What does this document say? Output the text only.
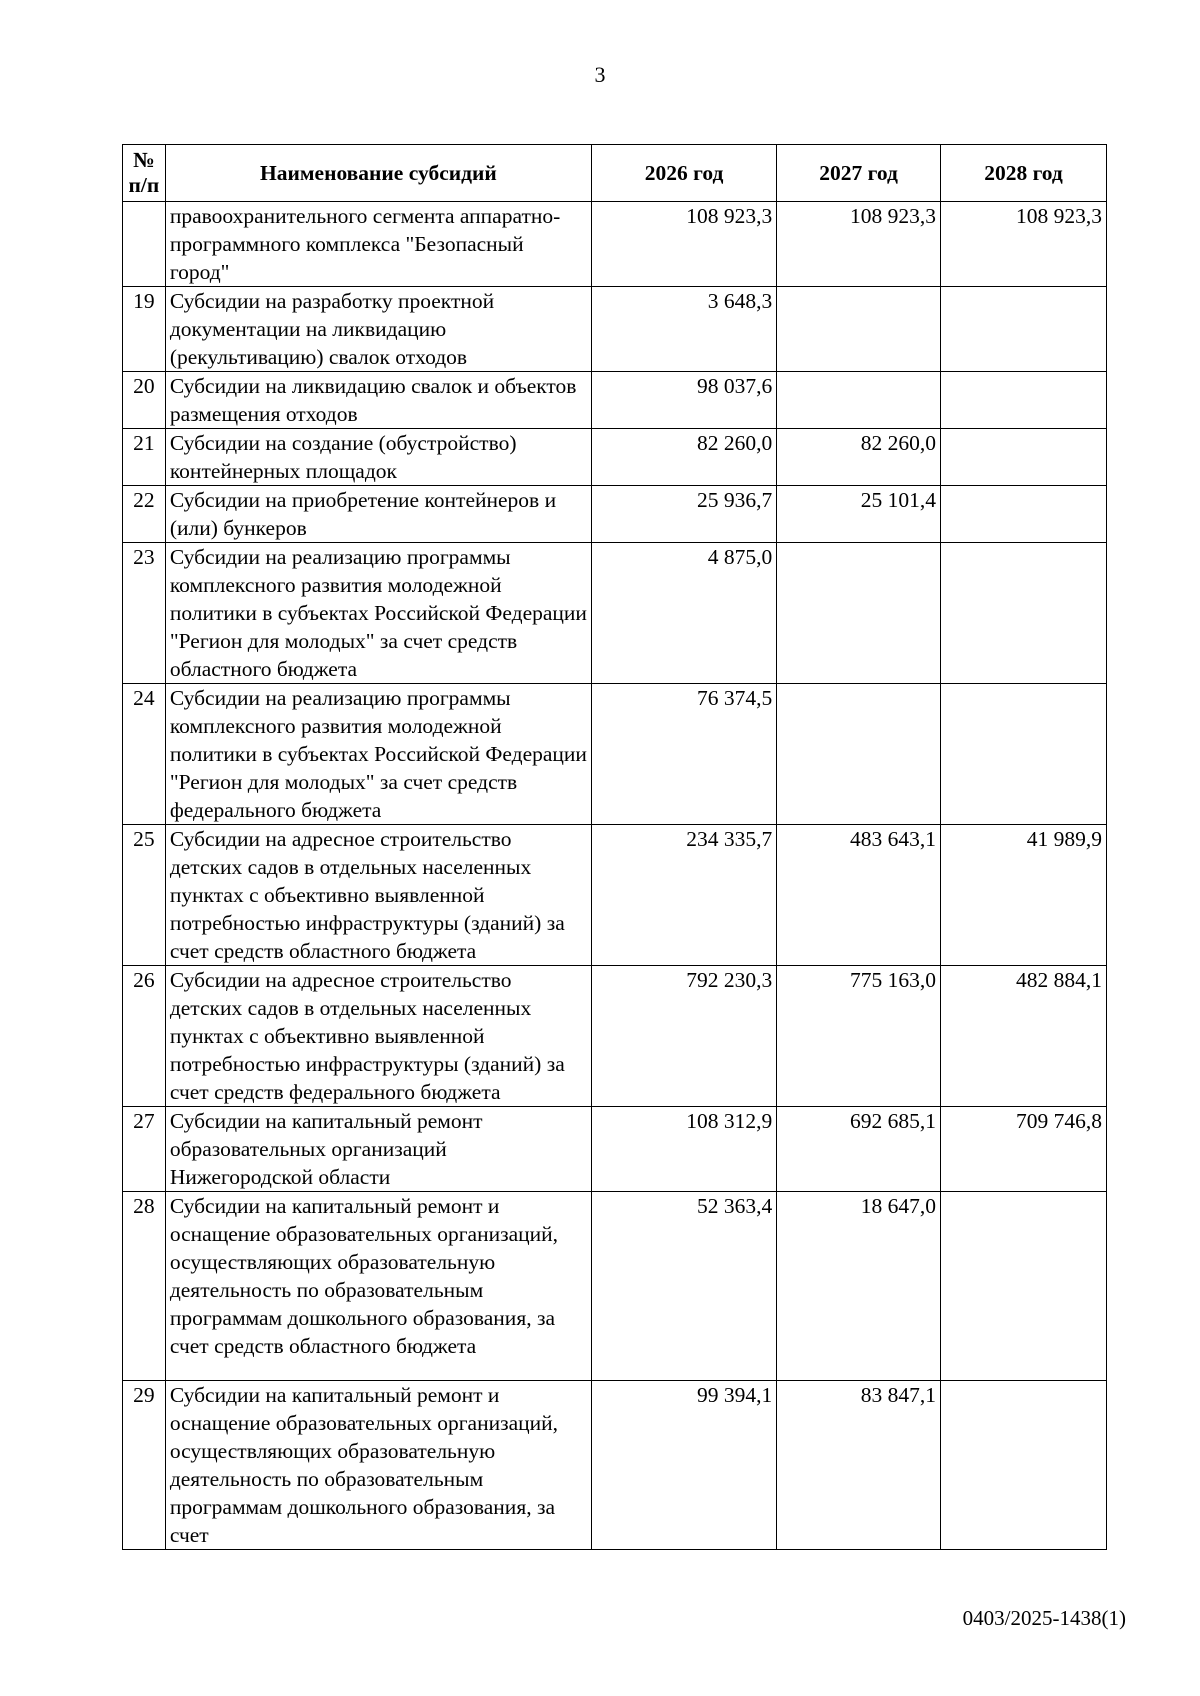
3
№
п/п	Наименование субсидий	2026 год	2027 год	2028 год
	правоохранительного сегмента аппаратно-программного комплекса "Безопасный город"	108 923,3	108 923,3	108 923,3
19	Субсидии на разработку проектной документации на ликвидацию (рекультивацию) свалок отходов	3 648,3		
20	Субсидии на ликвидацию свалок и объектов размещения отходов	98 037,6		
21	Субсидии на создание (обустройство) контейнерных площадок	82 260,0	82 260,0	
22	Субсидии на приобретение контейнеров и (или) бункеров	25 936,7	25 101,4	
23	Субсидии на реализацию программы комплексного развития молодежной политики в субъектах Российской Федерации "Регион для молодых" за счет средств областного бюджета	4 875,0		
24	Субсидии на реализацию программы комплексного развития молодежной политики в субъектах Российской Федерации "Регион для молодых" за счет средств федерального бюджета	76 374,5		
25	Субсидии на адресное строительство детских садов в отдельных населенных пунктах с объективно выявленной потребностью инфраструктуры (зданий) за счет средств областного бюджета	234 335,7	483 643,1	41 989,9
26	Субсидии на адресное строительство детских садов в отдельных населенных пунктах с объективно выявленной потребностью инфраструктуры (зданий) за счет средств федерального бюджета	792 230,3	775 163,0	482 884,1
27	Субсидии на капитальный ремонт образовательных организаций Нижегородской области	108 312,9	692 685,1	709 746,8
28	Субсидии на капитальный ремонт и оснащение образовательных организаций, осуществляющих образовательную деятельность по образовательным программам дошкольного образования, за счет средств областного бюджета	52 363,4	18 647,0	
29	Субсидии на капитальный ремонт и оснащение образовательных организаций, осуществляющих образовательную деятельность по образовательным программам дошкольного образования, за счет	99 394,1	83 847,1	
0403/2025-1438(1)
